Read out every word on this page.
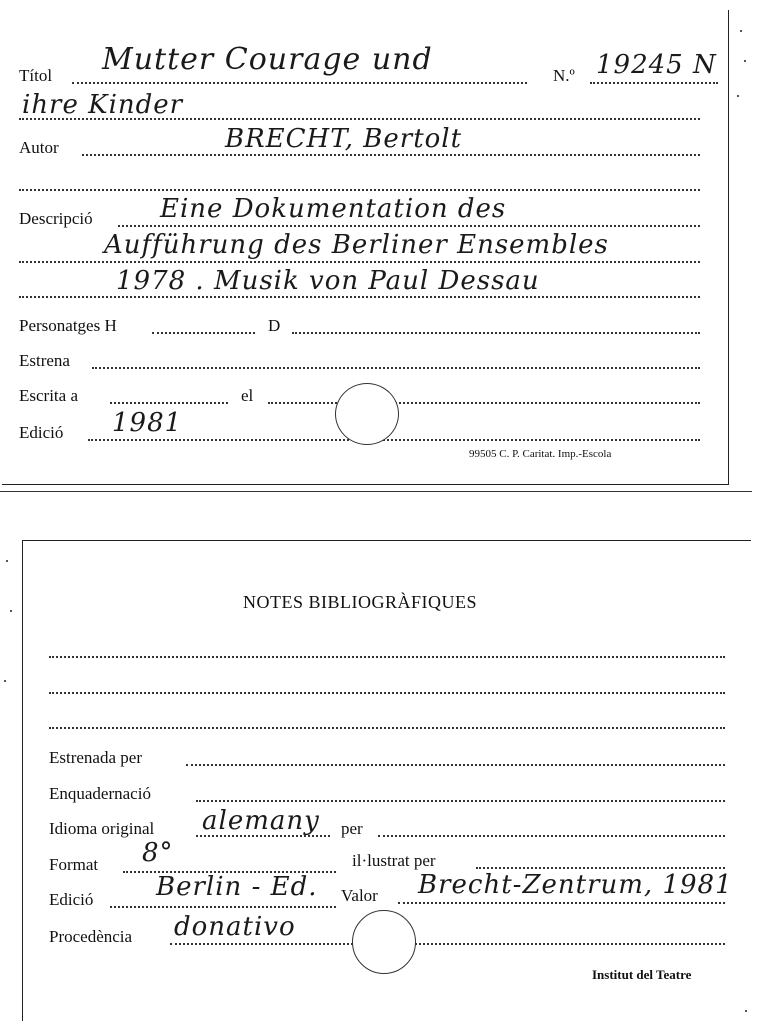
Títol Mutter Courage und	N.º 19245 N
ihre Kinder
Autor	BRECHT, Bertolt
Descripció	Eine Dokumentation des
Aufführung des Berliner Ensembles
1978 . Musik von Paul Dessau
Personatges H	D
Estrena
Escrita a	el
Edició 1981
99505 C. P. Caritat. Imp.-Escola
NOTES BIBLIOGRÀFIQUES
Estrenada per
Enquadernació
Idioma original alemany per
Format 8°	il·lustrat per
Edició Berlin - Ed. Valor Brecht-Zentrum, 1981
Procedència donativo
Institut del Teatre
